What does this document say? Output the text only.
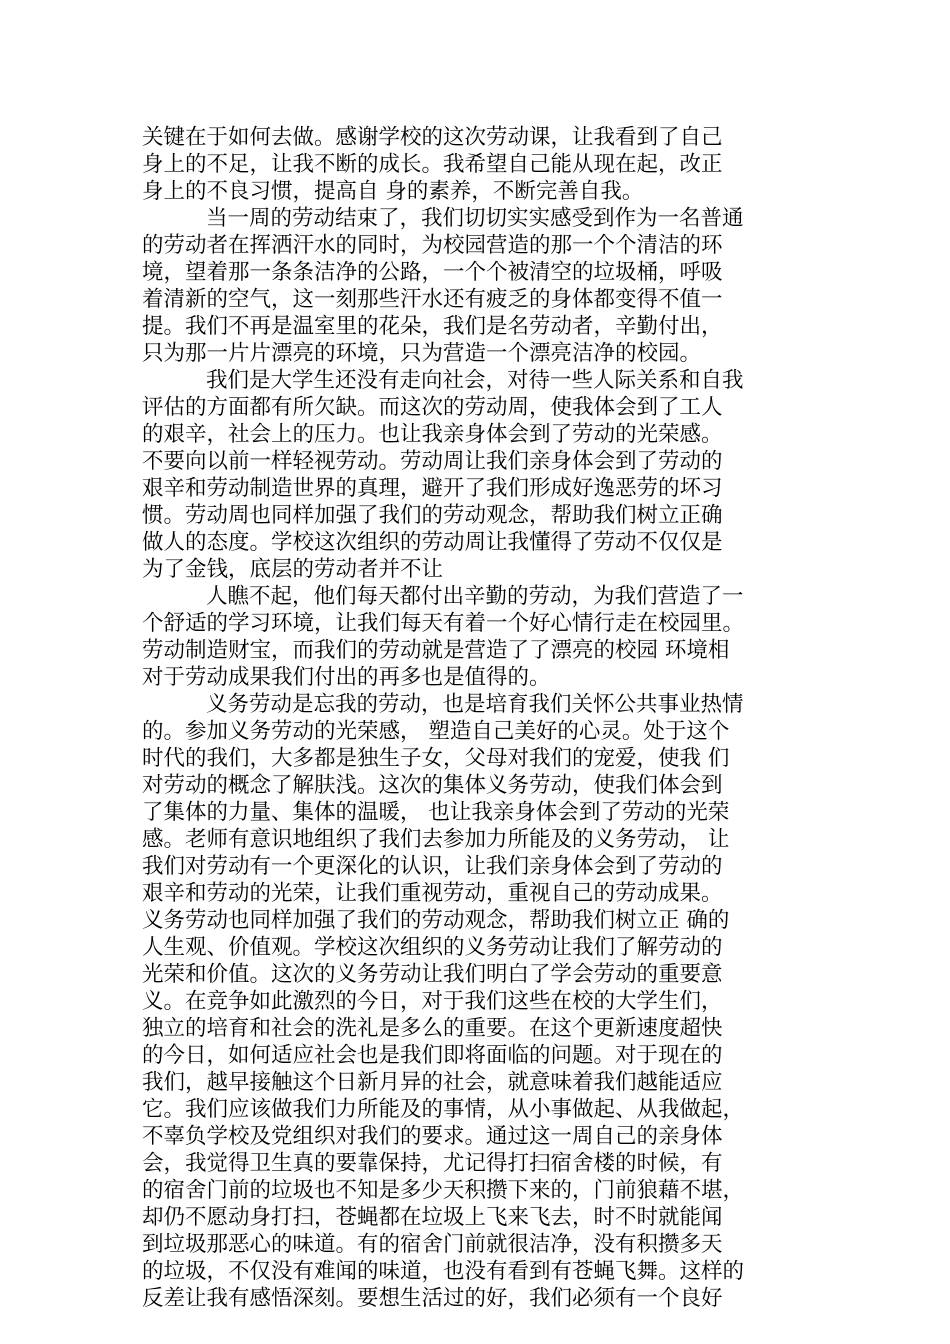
关键在于如何去做。感谢学校的这次劳动课，让我看到了自己
身上的不足，让我不断的成长。我希望自己能从现在起，改正
身上的不良习惯，提高自 身的素养，不断完善自我。
当一周的劳动结束了，我们切切实实感受到作为一名普通
的劳动者在挥洒汗水的同时，为校园营造的那一个个清洁的环
境，望着那一条条洁净的公路，一个个被清空的垃圾桶，呼吸
着清新的空气，这一刻那些汗水还有疲乏的身体都变得不值一
提。我们不再是温室里的花朵，我们是名劳动者，辛勤付出，
只为那一片片漂亮的环境，只为营造一个漂亮洁净的校园。
我们是大学生还没有走向社会，对待一些人际关系和自我
评估的方面都有所欠缺。而这次的劳动周，使我体会到了工人
的艰辛，社会上的压力。也让我亲身体会到了劳动的光荣感。
不要向以前一样轻视劳动。劳动周让我们亲身体会到了劳动的
艰辛和劳动制造世界的真理，避开了我们形成好逸恶劳的坏习
惯。劳动周也同样加强了我们的劳动观念，帮助我们树立正确
做人的态度。学校这次组织的劳动周让我懂得了劳动不仅仅是
为了金钱，底层的劳动者并不让
人瞧不起，他们每天都付出辛勤的劳动，为我们营造了一
个舒适的学习环境，让我们每天有着一个好心情行走在校园里。
劳动制造财宝，而我们的劳动就是营造了了漂亮的校园 环境相
对于劳动成果我们付出的再多也是值得的。
义务劳动是忘我的劳动，也是培育我们关怀公共事业热情
的。参加义务劳动的光荣感， 塑造自己美好的心灵。处于这个
时代的我们，大多都是独生子女，父母对我们的宠爱，使我 们
对劳动的概念了解肤浅。这次的集体义务劳动，使我们体会到
了集体的力量、集体的温暖， 也让我亲身体会到了劳动的光荣
感。老师有意识地组织了我们去参加力所能及的义务劳动， 让
我们对劳动有一个更深化的认识，让我们亲身体会到了劳动的
艰辛和劳动的光荣，让我们重视劳动，重视自己的劳动成果。
义务劳动也同样加强了我们的劳动观念，帮助我们树立正 确的
人生观、价值观。学校这次组织的义务劳动让我们了解劳动的
光荣和价值。这次的义务劳动让我们明白了学会劳动的重要意
义。在竞争如此激烈的今日，对于我们这些在校的大学生们，
独立的培育和社会的洗礼是多么的重要。在这个更新速度超快
的今日，如何适应社会也是我们即将面临的问题。对于现在的
我们，越早接触这个日新月异的社会，就意味着我们越能适应
它。我们应该做我们力所能及的事情，从小事做起、从我做起，
不辜负学校及党组织对我们的要求。通过这一周自己的亲身体
会，我觉得卫生真的要靠保持，尤记得打扫宿舍楼的时候，有
的宿舍门前的垃圾也不知是多少天积攒下来的，门前狼藉不堪，
却仍不愿动身打扫，苍蝇都在垃圾上飞来飞去，时不时就能闻
到垃圾那恶心的味道。有的宿舍门前就很洁净，没有积攒多天
的垃圾，不仅没有难闻的味道，也没有看到有苍蝇飞舞。这样的
反差让我有感悟深刻。要想生活过的好，我们必须有一个良好
